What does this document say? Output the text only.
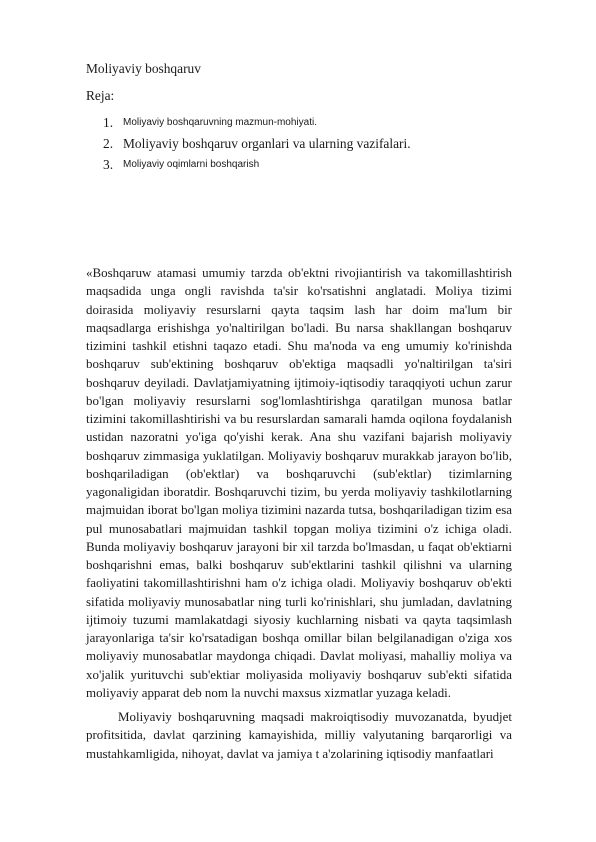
Moliyaviy boshqaruv
Reja:
1. Moliyaviy boshqaruvning mazmun-mohiyati.
2. Moliyaviy boshqaruv organlari va ularning vazifalari.
3. Moliyaviy oqimlarni boshqarish

«Boshqaruw atamasi umumiy tarzda ob'ektni rivojiantirish va takomillashtirish maqsadida unga ongli ravishda ta'sir ko'rsatishni anglatadi. Moliya tizimi doirasida moliyaviy resurslarni qayta taqsim lash har doim ma'lum bir maqsadlarga erishishga yo'naltirilgan bo'ladi. Bu narsa shakllangan boshqaruv tizimini tashkil etishni taqazo etadi. Shu ma'noda va eng umumiy ko'rinishda boshqaruv sub'ektining boshqaruv ob'ektiga maqsadli yo'naltirilgan ta'siri boshqaruv deyiladi. Davlatjamiyatning ijtimoiy-iqtisodiy taraqqiyoti uchun zarur bo'lgan moliyaviy resurslarni sog'lomlashtirishga qaratilgan munosa batlar tizimini takomillashtirishi va bu resurslardan samarali hamda oqilona foydalanish ustidan nazoratni yo'iga qo'yishi kerak. Ana shu vazifani bajarish moliyaviy boshqaruv zimmasiga yuklatilgan. Moliyaviy boshqaruv murakkab jarayon bo'lib, boshqariladigan (ob'ektlar) va boshqaruvchi (sub'ektlar) tizimlarning yagonaligidan iboratdir. Boshqaruvchi tizim, bu yerda moliyaviy tashkilotlarning majmuidan iborat bo'lgan moliya tizimini nazarda tutsa, boshqariladigan tizim esa pul munosabatlari majmuidan tashkil topgan moliya tizimini o'z ichiga oladi. Bunda moliyaviy boshqaruv jarayoni bir xil tarzda bo'lmasdan, u faqat ob'ektiarni boshqarishni emas, balki boshqaruv sub'ektlarini tashkil qilishni va ularning faoliyatini takomillashtirishni ham o'z ichiga oladi. Moliyaviy boshqaruv ob'ekti sifatida moliyaviy munosabatlar ning turli ko'rinishlari, shu jumladan, davlatning ijtimoiy tuzumi mamlakatdagi siyosiy kuchlarning nisbati va qayta taqsimlash jarayonlariga ta'sir ko'rsatadigan boshqa omillar bilan belgilanadigan o'ziga xos moliyaviy munosabatlar maydonga chiqadi. Davlat moliyasi, mahalliy moliya va xo'jalik yurituvchi sub'ektiar moliyasida moliyaviy boshqaruv sub'ekti sifatida moliyaviy apparat deb nom la nuvchi maxsus xizmatlar yuzaga keladi.

Moliyaviy boshqaruvning maqsadi makroiqtisodiy muvozanatda, byudjet profitsitida, davlat qarzining kamayishida, milliy valyutaning barqarorligi va mustahkamligida, nihoyat, davlat va jamiya t a'zolarining iqtisodiy manfaatlari
